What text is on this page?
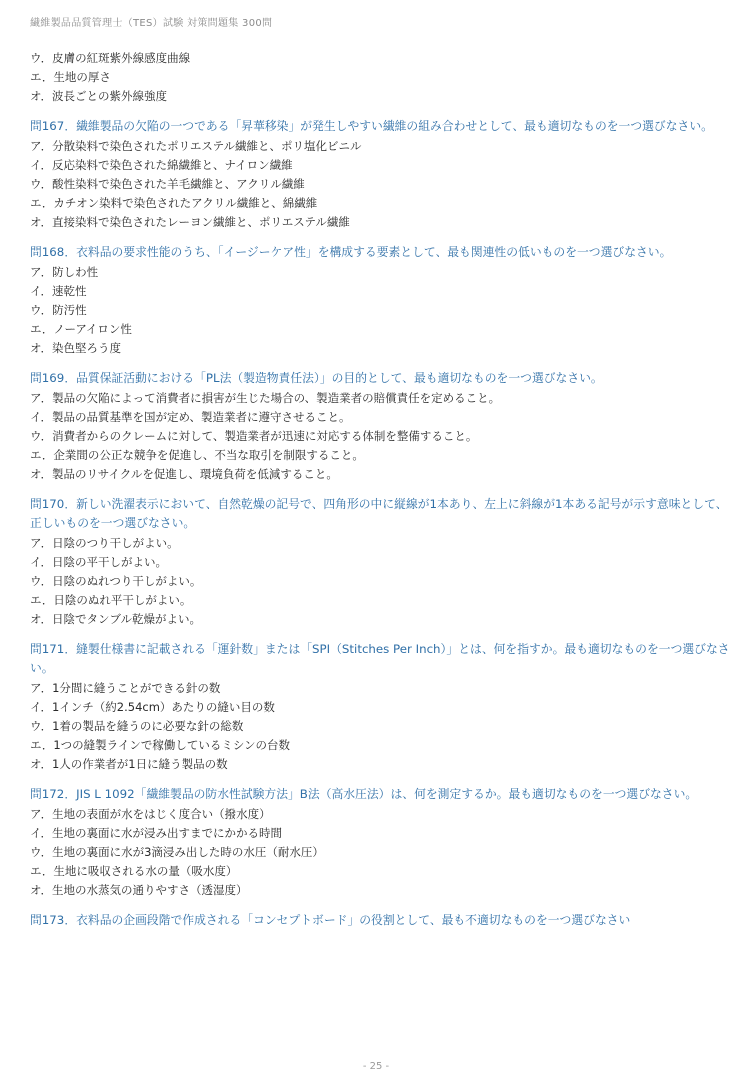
繊維製品品質管理士（TES）試験 対策問題集 300問
ウ．皮膚の紅斑紫外線感度曲線
エ．生地の厚さ
オ．波長ごとの紫外線強度
問167．繊維製品の欠陥の一つである「昇華移染」が発生しやすい繊維の組み合わせとして、最も適切なものを一つ選びなさい。
ア．分散染料で染色されたポリエステル繊維と、ポリ塩化ビニル
イ．反応染料で染色された綿繊維と、ナイロン繊維
ウ．酸性染料で染色された羊毛繊維と、アクリル繊維
エ．カチオン染料で染色されたアクリル繊維と、綿繊維
オ．直接染料で染色されたレーヨン繊維と、ポリエステル繊維
問168．衣料品の要求性能のうち、「イージーケア性」を構成する要素として、最も関連性の低いものを一つ選びなさい。
ア．防しわ性
イ．速乾性
ウ．防汚性
エ．ノーアイロン性
オ．染色堅ろう度
問169．品質保証活動における「PL法（製造物責任法）」の目的として、最も適切なものを一つ選びなさい。
ア．製品の欠陥によって消費者に損害が生じた場合の、製造業者の賠償責任を定めること。
イ．製品の品質基準を国が定め、製造業者に遵守させること。
ウ．消費者からのクレームに対して、製造業者が迅速に対応する体制を整備すること。
エ．企業間の公正な競争を促進し、不当な取引を制限すること。
オ．製品のリサイクルを促進し、環境負荷を低減すること。
問170．新しい洗濯表示において、自然乾燥の記号で、四角形の中に縦線が1本あり、左上に斜線が1本ある記号が示す意味として、正しいものを一つ選びなさい。
ア．日陰のつり干しがよい。
イ．日陰の平干しがよい。
ウ．日陰のぬれつり干しがよい。
エ．日陰のぬれ平干しがよい。
オ．日陰でタンブル乾燥がよい。
問171．縫製仕様書に記載される「運針数」または「SPI（Stitches Per Inch）」とは、何を指すか。最も適切なものを一つ選びなさい。
ア．1分間に縫うことができる針の数
イ．1インチ（約2.54cm）あたりの縫い目の数
ウ．1着の製品を縫うのに必要な針の総数
エ．1つの縫製ラインで稼働しているミシンの台数
オ．1人の作業者が1日に縫う製品の数
問172．JIS L 1092「繊維製品の防水性試験方法」B法（高水圧法）は、何を測定するか。最も適切なものを一つ選びなさい。
ア．生地の表面が水をはじく度合い（撥水度）
イ．生地の裏面に水が浸み出すまでにかかる時間
ウ．生地の裏面に水が3滴浸み出した時の水圧（耐水圧）
エ．生地に吸収される水の量（吸水度）
オ．生地の水蒸気の通りやすさ（透湿度）
問173．衣料品の企画段階で作成される「コンセプトボード」の役割として、最も不適切なものを一つ選びなさい
- 25 -
